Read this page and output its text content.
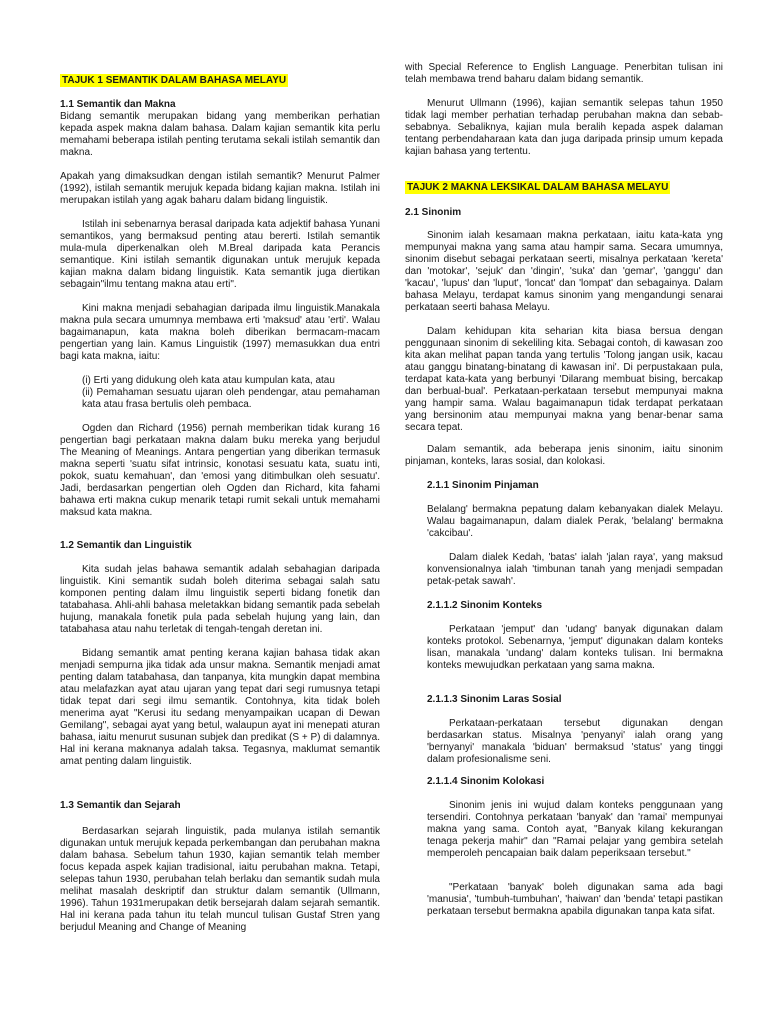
TAJUK 1 SEMANTIK DALAM BAHASA MELAYU

1.1 Semantik dan Makna

Bidang semantik merupakan bidang yang memberikan perhatian kepada aspek makna dalam bahasa. Dalam kajian semantik kita perlu memahami beberapa istilah penting terutama sekali istilah semantik dan makna.

Apakah yang dimaksudkan dengan istilah semantik? Menurut Palmer (1992), istilah semantik merujuk kepada bidang kajian makna. Istilah ini merupakan istilah yang agak baharu dalam bidang linguistik.

Istilah ini sebenarnya berasal daripada kata adjektif bahasa Yunani semantikos, yang bermaksud penting atau bererti. Istilah semantik mula-mula diperkenalkan oleh M.Breal daripada kata Perancis semantique. Kini istilah semantik digunakan untuk merujuk kepada kajian makna dalam bidang linguistik. Kata semantik juga diertikan sebagain"ilmu tentang makna atau erti".

Kini makna menjadi sebahagian daripada ilmu linguistik.Manakala makna pula secara umumnya membawa erti 'maksud' atau 'erti'. Walau bagaimanapun, kata makna boleh diberikan bermacam-macam pengertian yang lain. Kamus Linguistik (1997) memasukkan dua entri bagi kata makna, iaitu:

(i) Erti yang didukung oleh kata atau kumpulan kata, atau

(ii) Pemahaman sesuatu ujaran oleh pendengar, atau pemahaman kata atau frasa bertulis oleh pembaca.

Ogden dan Richard (1956) pernah memberikan tidak kurang 16 pengertian bagi perkataan makna dalam buku mereka yang berjudul The Meaning of Meanings. Antara pengertian yang diberikan termasuk makna seperti 'suatu sifat intrinsic, konotasi sesuatu kata, suatu inti, pokok, suatu kemahuan', dan 'emosi yang ditimbulkan oleh sesuatu'. Jadi, berdasarkan pengertian oleh Ogden dan Richard, kita fahami bahawa erti makna cukup menarik tetapi rumit sekali untuk memahami maksud kata makna.

1.2 Semantik dan Linguistik

Kita sudah jelas bahawa semantik adalah sebahagian daripada linguistik. Kini semantik sudah boleh diterima sebagai salah satu komponen penting dalam ilmu linguistik seperti bidang fonetik dan tatabahasa. Ahli-ahli bahasa meletakkan bidang semantik pada sebelah hujung, manakala fonetik pula pada sebelah hujung yang lain, dan tatabahasa atau nahu terletak di tengah-tengah deretan ini.

Bidang semantik amat penting kerana kajian bahasa tidak akan menjadi sempurna jika tidak ada unsur makna. Semantik menjadi amat penting dalam tatabahasa, dan tanpanya, kita mungkin dapat membina atau melafazkan ayat atau ujaran yang tepat dari segi rumusnya tetapi tidak tepat dari segi ilmu semantik. Contohnya, kita tidak boleh menerima ayat "Kerusi itu sedang menyampaikan ucapan di Dewan Gemilang", sebagai ayat yang betul, walaupun ayat ini menepati aturan bahasa, iaitu menurut susunan subjek dan predikat (S + P) di dalamnya. Hal ini kerana maknanya adalah taksa. Tegasnya, maklumat semantik amat penting dalam linguistik.

1.3 Semantik dan Sejarah

Berdasarkan sejarah linguistik, pada mulanya istilah semantik digunakan untuk merujuk kepada perkembangan dan perubahan makna dalam bahasa. Sebelum tahun 1930, kajian semantik telah member focus kepada aspek kajian tradisional, iaitu perubahan makna. Tetapi, selepas tahun 1930, perubahan telah berlaku dan semantik sudah mula melihat masalah deskriptif dan struktur dalam semantik (Ullmann, 1996). Tahun 1931merupakan detik bersejarah dalam sejarah semantik. Hal ini kerana pada tahun itu telah muncul tulisan Gustaf Stren yang berjudul Meaning and Change of Meaning

with Special Reference to English Language. Penerbitan tulisan ini telah membawa trend baharu dalam bidang semantik.

Menurut Ullmann (1996), kajian semantik selepas tahun 1950 tidak lagi member perhatian terhadap perubahan makna dan sebab-sebabnya. Sebaliknya, kajian mula beralih kepada aspek dalaman tentang perbendaharaan kata dan juga daripada prinsip umum kepada kajian bahasa yang tertentu.

TAJUK 2 MAKNA LEKSIKAL DALAM BAHASA MELAYU

2.1 Sinonim

Sinonim ialah kesamaan makna perkataan, iaitu kata-kata yng mempunyai makna yang sama atau hampir sama. Secara umumnya, sinonim disebut sebagai perkataan seerti, misalnya perkataan 'kereta' dan 'motokar', 'sejuk' dan 'dingin', 'suka' dan 'gemar', 'ganggu' dan 'kacau', 'lupus' dan 'luput', 'loncat' dan 'lompat' dan sebagainya. Dalam bahasa Melayu, terdapat kamus sinonim yang mengandungi senarai perkataan seerti bahasa Melayu.

Dalam kehidupan kita seharian kita biasa bersua dengan penggunaan sinonim di sekeliling kita. Sebagai contoh, di kawasan zoo kita akan melihat papan tanda yang tertulis 'Tolong jangan usik, kacau atau ganggu binatang-binatang di kawasan ini'. Di perpustakaan pula, terdapat kata-kata yang berbunyi 'Dilarang membuat bising, bercakap dan berbual-bual'. Perkataan-perkataan tersebut mempunyai makna yang hampir sama. Walau bagaimanapun tidak terdapat perkataan yang bersinonim atau mempunyai makna yang benar-benar sama secara tepat.

Dalam semantik, ada beberapa jenis sinonim, iaitu sinonim pinjaman, konteks, laras sosial, dan kolokasi.

2.1.1 Sinonim Pinjaman

Belalang' bermakna pepatung dalam kebanyakan dialek Melayu. Walau bagaimanapun, dalam dialek Perak, 'belalang' bermakna 'cakcibau'.

Dalam dialek Kedah, 'batas' ialah 'jalan raya', yang maksud konvensionalnya ialah 'timbunan tanah yang menjadi sempadan petak-petak sawah'.

2.1.1.2 Sinonim Konteks

Perkataan 'jemput' dan 'udang' banyak digunakan dalam konteks protokol. Sebenarnya, 'jemput' digunakan dalam konteks lisan, manakala 'undang' dalam konteks tulisan. Ini bermakna konteks mewujudkan perkataan yang sama makna.

2.1.1.3 Sinonim Laras Sosial

Perkataan-perkataan tersebut digunakan dengan berdasarkan status. Misalnya 'penyanyi' ialah orang yang 'bernyanyi' manakala 'biduan' bermaksud 'status' yang tinggi dalam profesionalisme seni.

2.1.1.4 Sinonim Kolokasi

Sinonim jenis ini wujud dalam konteks penggunaan yang tersendiri. Contohnya perkataan 'banyak' dan 'ramai' mempunyai makna yang sama. Contoh ayat, "Banyak kilang kekurangan tenaga pekerja mahir" dan "Ramai pelajar yang gembira setelah memperoleh pencapaian baik dalam peperiksaan tersebut."

"Perkataan 'banyak' boleh digunakan sama ada bagi 'manusia', 'tumbuh-tumbuhan', 'haiwan' dan 'benda' tetapi pastikan perkataan tersebut bermakna apabila digunakan tanpa kata sifat.
